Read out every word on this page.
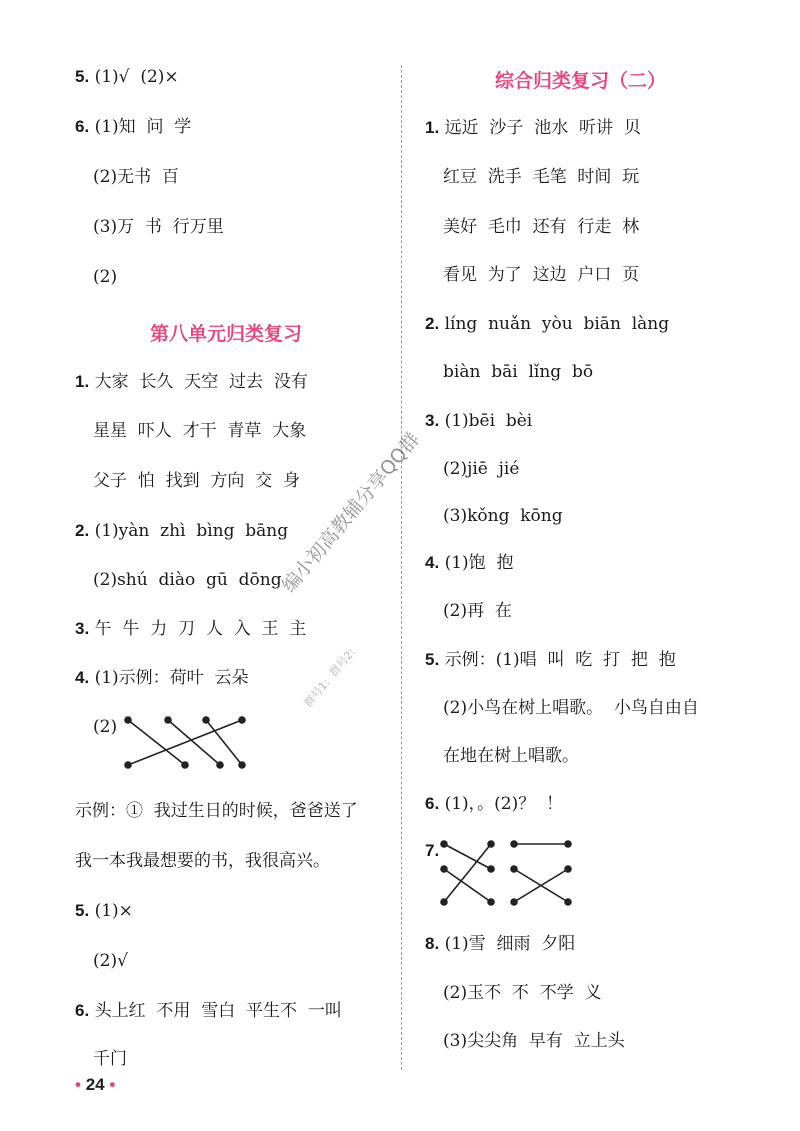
5. (1)√  (2)×
6. (1)知  问  学
(2)无书  百
(3)万  书  行万里
(2)
第八单元归类复习
1. 大家  长久  天空  过去  没有
星星  吓人  才干  青草  大象
父子  怕  找到  方向  交  身
2. (1)yàn  zhì  bìng  bāng
(2)shú  diào  gū  dōng
3. 午  牛  力  刀  人  入  王  主
4. (1)示例：荷叶  云朵
(2)
示例：①  我过生日的时候，爸爸送了
我一本我最想要的书，我很高兴。
5. (1)×
(2)√
6. 头上红  不用  雪白  平生不  一叫
千门
综合归类复习（二）
1. 远近  沙子  池水  听讲  贝
红豆  洗手  毛笔  时间  玩
美好  毛巾  还有  行走  林
看见  为了  这边  户口  页
2. líng  nuǎn  yòu  biān  làng
biàn  bāi  lǐng  bō
3. (1)bēi  bèi
(2)jiē  jié
(3)kǒng  kōng
4. (1)饱  抱
(2)再  在
5. 示例：(1)唱  叫  吃  打  把  抱
(2)小鸟在树上唱歌。  小鸟自由自
在地在树上唱歌。
6. (1)，。(2)？  ！
7.
8. (1)雪  细雨  夕阳
(2)玉不  不  不学  义
(3)尖尖角  早有  立上头
编小初高教辅分享QQ群
群号1:  群号2:
• 24 •
